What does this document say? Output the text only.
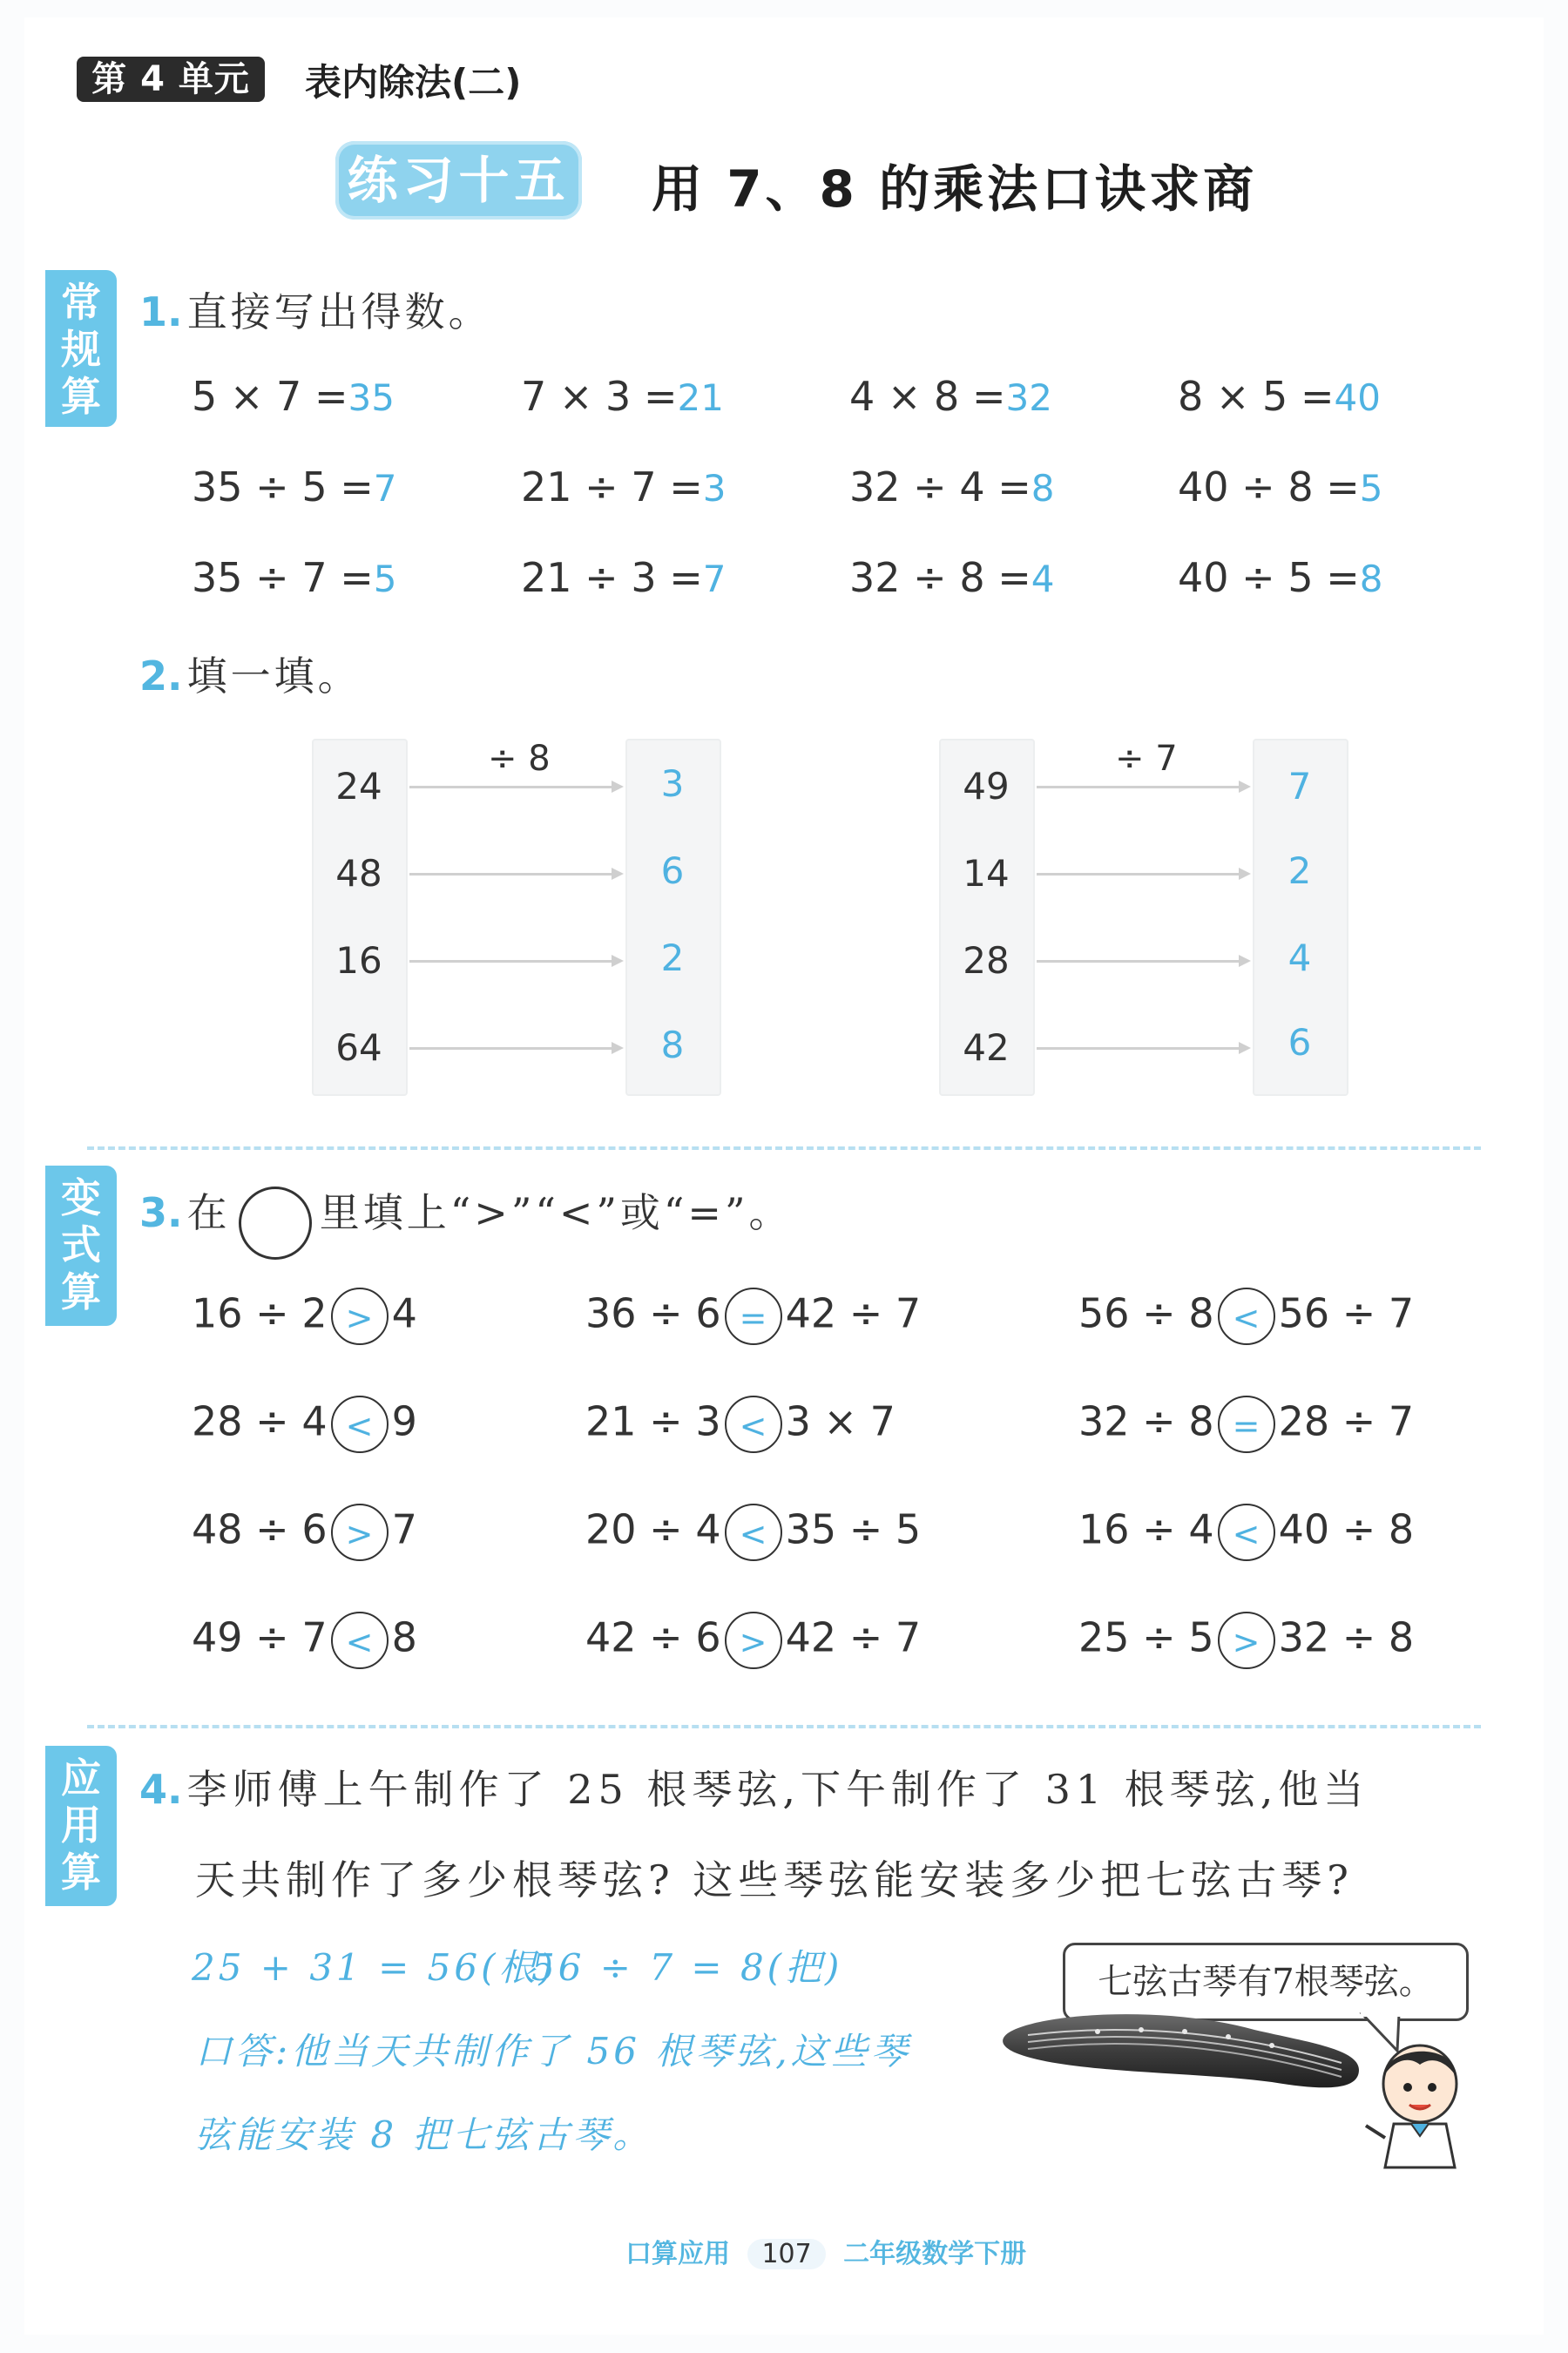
第 4 单元	表内除法(二)
练习十五 用 7、8 的乘法口诀求商
常
规
算
1. 直接写出得数。
5 × 7 =35	7 × 3 =21	4 × 8 =32	8 × 5 =40
35 ÷ 5 =7	21 ÷ 7 =3	32 ÷ 4 =8	40 ÷ 8 =5
35 ÷ 7 =5	21 ÷ 3 =7	32 ÷ 8 =4	40 ÷ 5 =8
2. 填一填。
÷ 8
24
48
16
64
3
6
2
8
÷ 7
49
14
28
42
7
2
4
6
变
式
算
3. 在 里填上“>”“<”或“=”。
16 ÷ 2 > 4	36 ÷ 6 = 42 ÷ 7	56 ÷ 8 < 56 ÷ 7
28 ÷ 4 < 9	21 ÷ 3 < 3 × 7	32 ÷ 8 = 28 ÷ 7
48 ÷ 6 > 7	20 ÷ 4 < 35 ÷ 5	16 ÷ 4 < 40 ÷ 8
49 ÷ 7 < 8	42 ÷ 6 > 42 ÷ 7	25 ÷ 5 > 32 ÷ 8
应
用
算
4. 李师傅上午制作了 25 根琴弦,下午制作了 31 根琴弦,他当
天共制作了多少根琴弦? 这些琴弦能安装多少把七弦古琴?
25 + 31 = 56(根)
56 ÷ 7 = 8(把)
口答:他当天共制作了 56 根琴弦,这些琴
弦能安装 8 把七弦古琴。
七弦古琴有7根琴弦。
口算应用 107 二年级数学下册
